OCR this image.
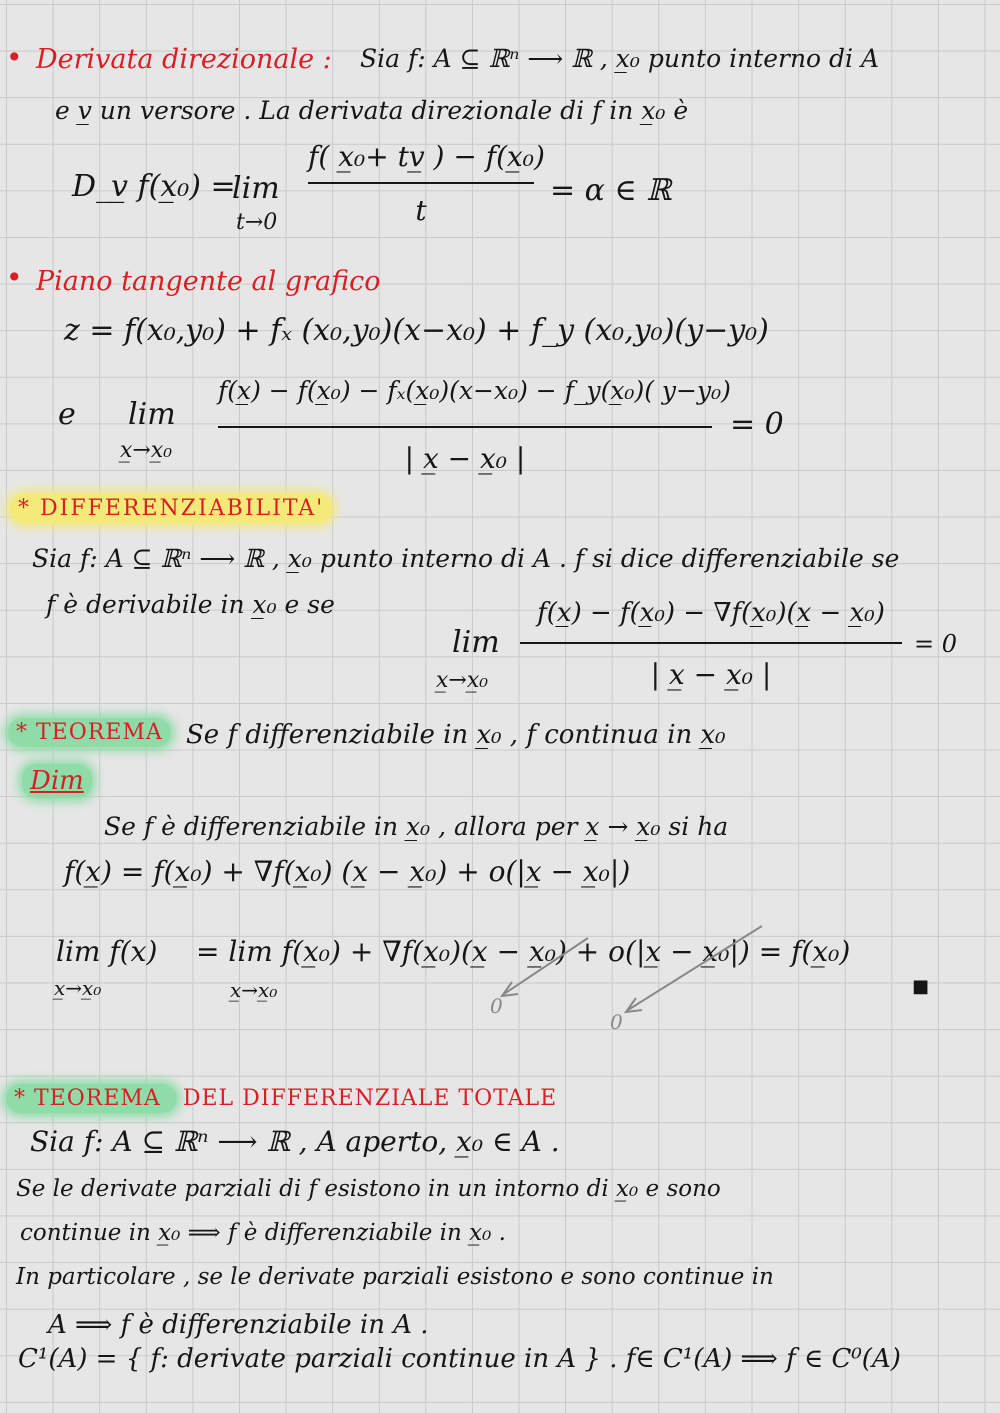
• Derivata direzionale : Sia f: A ⊆ ℝⁿ ⟶ ℝ , x̲₀ punto interno di A
e v̲ un versore . La derivata direzionale di f in x̲₀ è
D_v̲ f(x̲₀) =
lim
t→0
f( x̲₀+ tv̲ ) − f(x̲₀)
t
= α ∈ ℝ
• Piano tangente al grafico
z = f(x₀,y₀) + fₓ (x₀,y₀)(x−x₀) + f_y (x₀,y₀)(y−y₀)
e lim
x̲→x̲₀
f(x̲) − f(x̲₀) − fₓ(x̲₀)(x−x₀) − f_y(x̲₀)( y−y₀)
| x̲ − x̲₀ |
= 0
* DIFFERENZIABILITA'
Sia f: A ⊆ ℝⁿ ⟶ ℝ , x̲₀ punto interno di A . f si dice differenziabile se
f è derivabile in x̲₀ e se
lim
x̲→x̲₀
f(x̲) − f(x̲₀) − ∇f(x̲₀)(x̲ − x̲₀)
| x̲ − x̲₀ |
= 0
* TEOREMA Se f differenziabile in x̲₀ , f continua in x̲₀
Dim
Se f è differenziabile in x̲₀ , allora per x̲ → x̲₀ si ha
f(x̲) = f(x̲₀) + ∇f(x̲₀) (x̲ − x̲₀) + o(|x̲ − x̲₀|)
lim f(x)
x̲→x̲₀
= lim f(x̲₀) + ∇f(x̲₀)(x̲ − x̲₀) + o(|x̲ − x̲₀|) = f(x̲₀)
x̲→x̲₀
0
0
■
* TEOREMA DEL DIFFERENZIALE TOTALE
Sia f: A ⊆ ℝⁿ ⟶ ℝ , A aperto, x̲₀ ∈ A .
Se le derivate parziali di f esistono in un intorno di x̲₀ e sono
continue in x̲₀ ⟹ f è differenziabile in x̲₀ .
In particolare , se le derivate parziali esistono e sono continue in
A ⟹ f è differenziabile in A .
C¹(A) = { f: derivate parziali continue in A } . f∈ C¹(A) ⟹ f ∈ C⁰(A)
